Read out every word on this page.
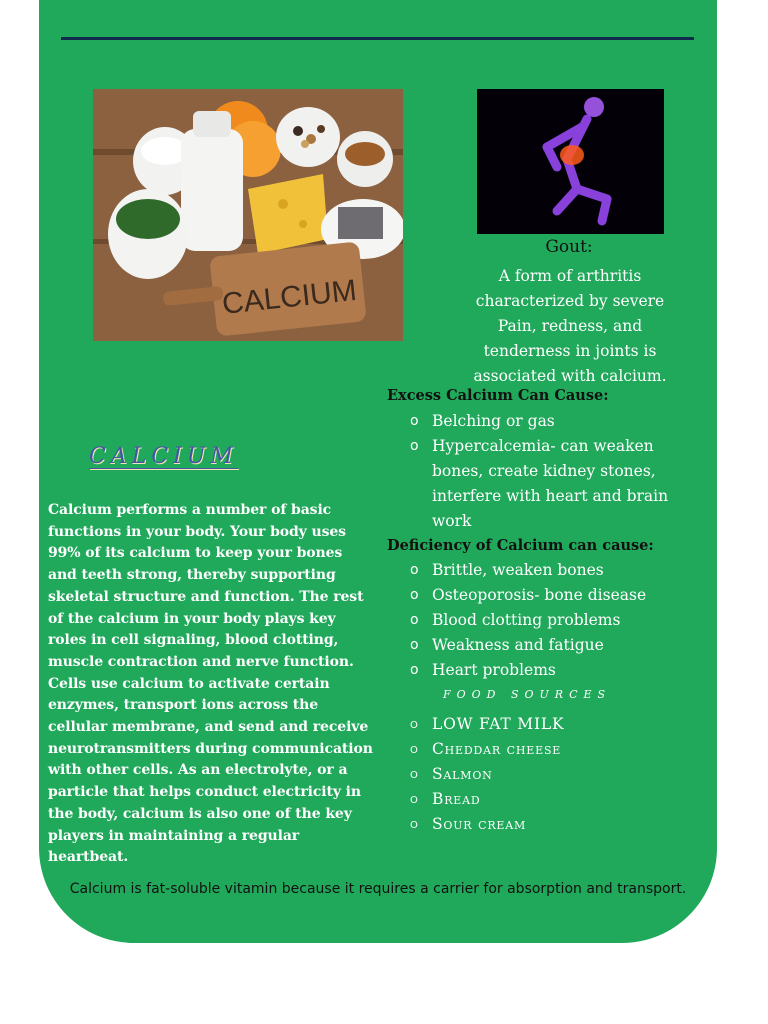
CALCIUM
Gout:
A form of arthritis characterized by severe Pain, redness, and tenderness in joints is associated with calcium.
Excess Calcium Can Cause:
o Belching or gas
o Hypercalcemia- can weaken bones, create kidney stones, interfere with heart and brain work
Deficiency of Calcium can cause:
o Brittle, weaken bones
o Osteoporosis- bone disease
o Blood clotting problems
o Weakness and fatigue
o Heart problems
FOOD SOURCES
o LOW FAT MILK
o Cheddar cheese
o Salmon
o Bread
o Sour cream
CALCIUM
Calcium performs a number of basic functions in your body. Your body uses 99% of its calcium to keep your bones and teeth strong, thereby supporting skeletal structure and function. The rest of the calcium in your body plays key roles in cell signaling, blood clotting, muscle contraction and nerve function. Cells use calcium to activate certain enzymes, transport ions across the cellular membrane, and send and receive neurotransmitters during communication with other cells. As an electrolyte, or a particle that helps conduct electricity in the body, calcium is also one of the key players in maintaining a regular heartbeat.
Calcium is fat-soluble vitamin because it requires a carrier for absorption and transport.
